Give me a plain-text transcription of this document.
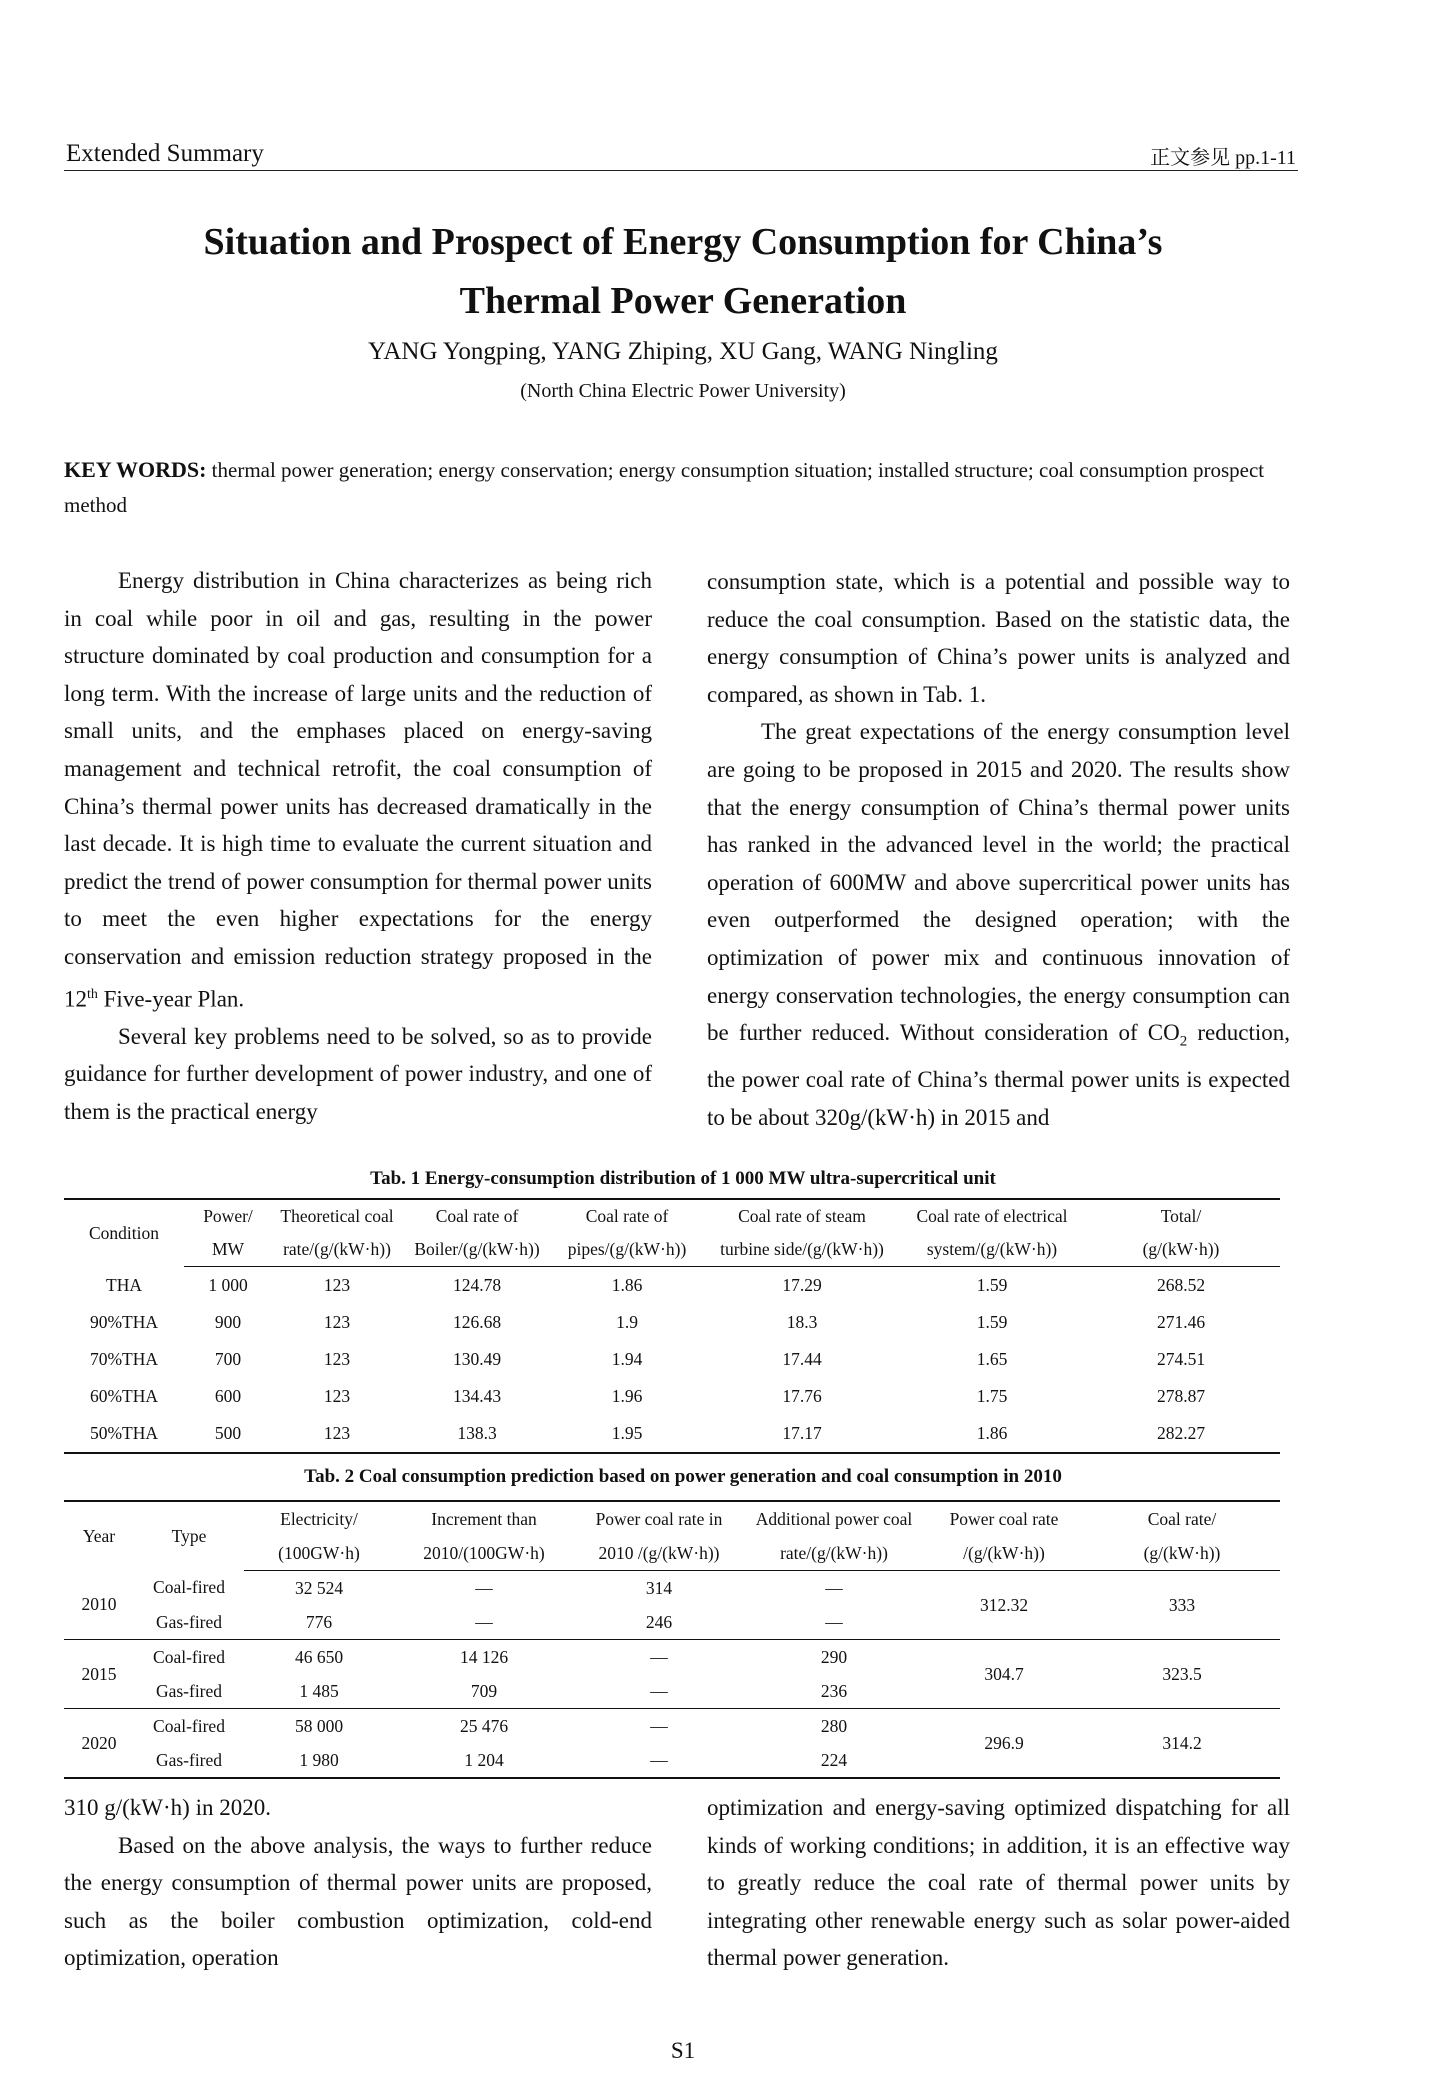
Extended Summary	正文参见 pp.1-11
Situation and Prospect of Energy Consumption for China’s
Thermal Power Generation
YANG Yongping, YANG Zhiping, XU Gang, WANG Ningling
(North China Electric Power University)
KEY WORDS: thermal power generation; energy conservation; energy consumption situation; installed structure; coal consumption prospect method

Energy distribution in China characterizes as being rich in coal while poor in oil and gas, resulting in the power structure dominated by coal production and consumption for a long term. With the increase of large units and the reduction of small units, and the emphases placed on energy-saving management and technical retrofit, the coal consumption of China’s thermal power units has decreased dramatically in the last decade. It is high time to evaluate the current situation and predict the trend of power consumption for thermal power units to meet the even higher expectations for the energy conservation and emission reduction strategy proposed in the 12th Five-year Plan.

Several key problems need to be solved, so as to provide guidance for further development of power industry, and one of them is the practical energy

consumption state, which is a potential and possible way to reduce the coal consumption. Based on the statistic data, the energy consumption of China’s power units is analyzed and compared, as shown in Tab. 1.

The great expectations of the energy consumption level are going to be proposed in 2015 and 2020. The results show that the energy consumption of China’s thermal power units has ranked in the advanced level in the world; the practical operation of 600MW and above supercritical power units has even outperformed the designed operation; with the optimization of power mix and continuous innovation of energy conservation technologies, the energy consumption can be further reduced. Without consideration of $CO_2$ reduction, the power coal rate of China’s thermal power units is expected to be about 320g/(kW·h) in 2015 and

Tab. 1 Energy-consumption distribution of 1 000 MW ultra-supercritical unit
Condition	Power/	Theoretical coal	Coal rate of	Coal rate of	Coal rate of steam	Coal rate of electrical	Total/
	MW	rate/(g/(kW·h))	Boiler/(g/(kW·h))	pipes/(g/(kW·h))	turbine side/(g/(kW·h))	system/(g/(kW·h))	(g/(kW·h))
THA	1 000	123	124.78	1.86	17.29	1.59	268.52
90%THA	900	123	126.68	1.9	18.3	1.59	271.46
70%THA	700	123	130.49	1.94	17.44	1.65	274.51
60%THA	600	123	134.43	1.96	17.76	1.75	278.87
50%THA	500	123	138.3	1.95	17.17	1.86	282.27
Tab. 2 Coal consumption prediction based on power generation and coal consumption in 2010
Year	Type	Electricity/	Increment than	Power coal rate in	Additional power coal	Power coal rate	Coal rate/
		(100GW·h)	2010/(100GW·h)	2010 /(g/(kW·h))	rate/(g/(kW·h))	/(g/(kW·h))	(g/(kW·h))
2010	Coal-fired	32 524	—	314	—	312.32	333
	Gas-fired	776	—	246	—		
2015	Coal-fired	46 650	14 126	—	290	304.7	323.5
	Gas-fired	1 485	709	—	236		
2020	Coal-fired	58 000	25 476	—	280	296.9	314.2
	Gas-fired	1 980	1 204	—	224		

310 g/(kW·h) in 2020.

Based on the above analysis, the ways to further reduce the energy consumption of thermal power units are proposed, such as the boiler combustion optimization, cold-end optimization, operation

optimization and energy-saving optimized dispatching for all kinds of working conditions; in addition, it is an effective way to greatly reduce the coal rate of thermal power units by integrating other renewable energy such as solar power-aided thermal power generation.

S1
